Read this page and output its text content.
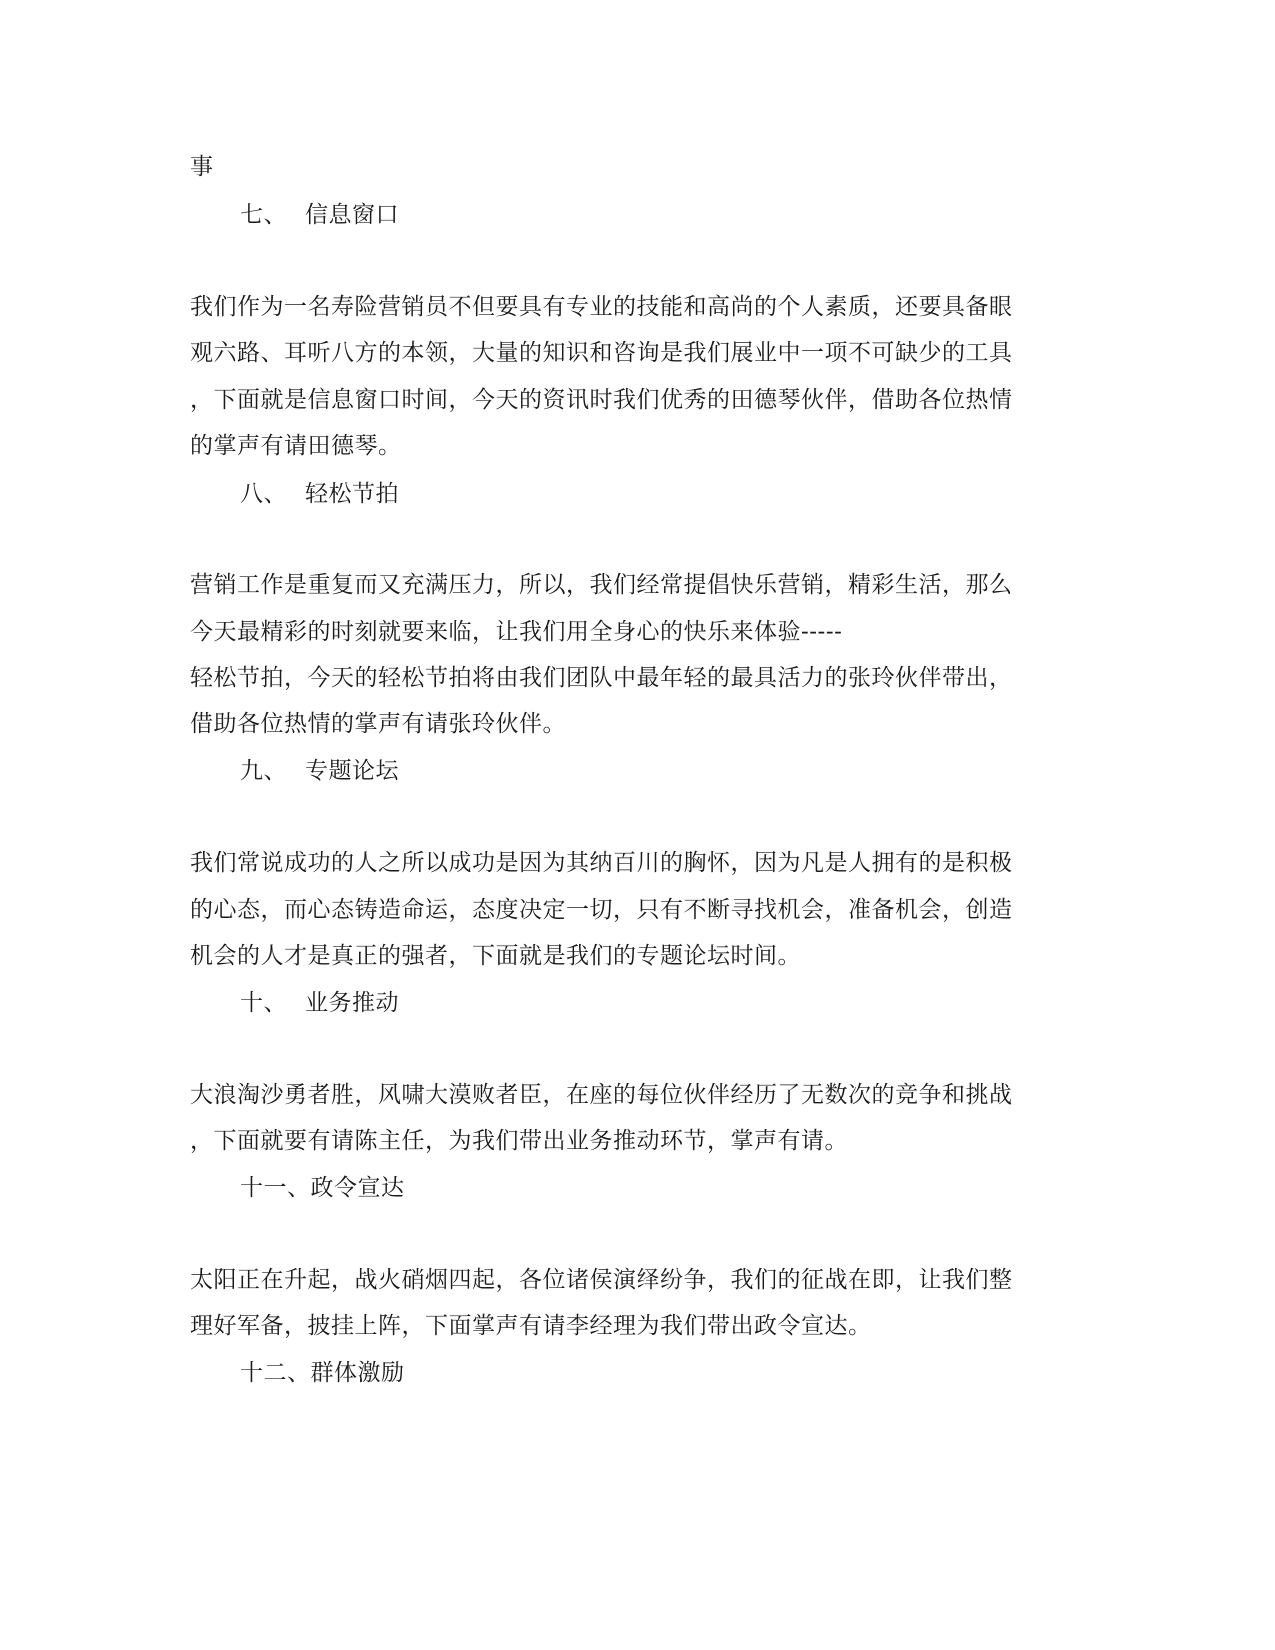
事
七、 信息窗口
我们作为一名寿险营销员不但要具有专业的技能和高尚的个人素质，还要具备眼
观六路、耳听八方的本领，大量的知识和咨询是我们展业中一项不可缺少的工具
，下面就是信息窗口时间，今天的资讯时我们优秀的田德琴伙伴，借助各位热情
的掌声有请田德琴。
八、 轻松节拍
营销工作是重复而又充满压力，所以，我们经常提倡快乐营销，精彩生活，那么
今天最精彩的时刻就要来临，让我们用全身心的快乐来体验-----
轻松节拍，今天的轻松节拍将由我们团队中最年轻的最具活力的张玲伙伴带出，
借助各位热情的掌声有请张玲伙伴。
九、 专题论坛
我们常说成功的人之所以成功是因为其纳百川的胸怀，因为凡是人拥有的是积极
的心态，而心态铸造命运，态度决定一切，只有不断寻找机会，准备机会，创造
机会的人才是真正的强者，下面就是我们的专题论坛时间。
十、 业务推动
大浪淘沙勇者胜，风啸大漠败者臣，在座的每位伙伴经历了无数次的竞争和挑战
，下面就要有请陈主任，为我们带出业务推动环节，掌声有请。
十一、政令宣达
太阳正在升起，战火硝烟四起，各位诸侯演绎纷争，我们的征战在即，让我们整
理好军备，披挂上阵，下面掌声有请李经理为我们带出政令宣达。
十二、群体激励
